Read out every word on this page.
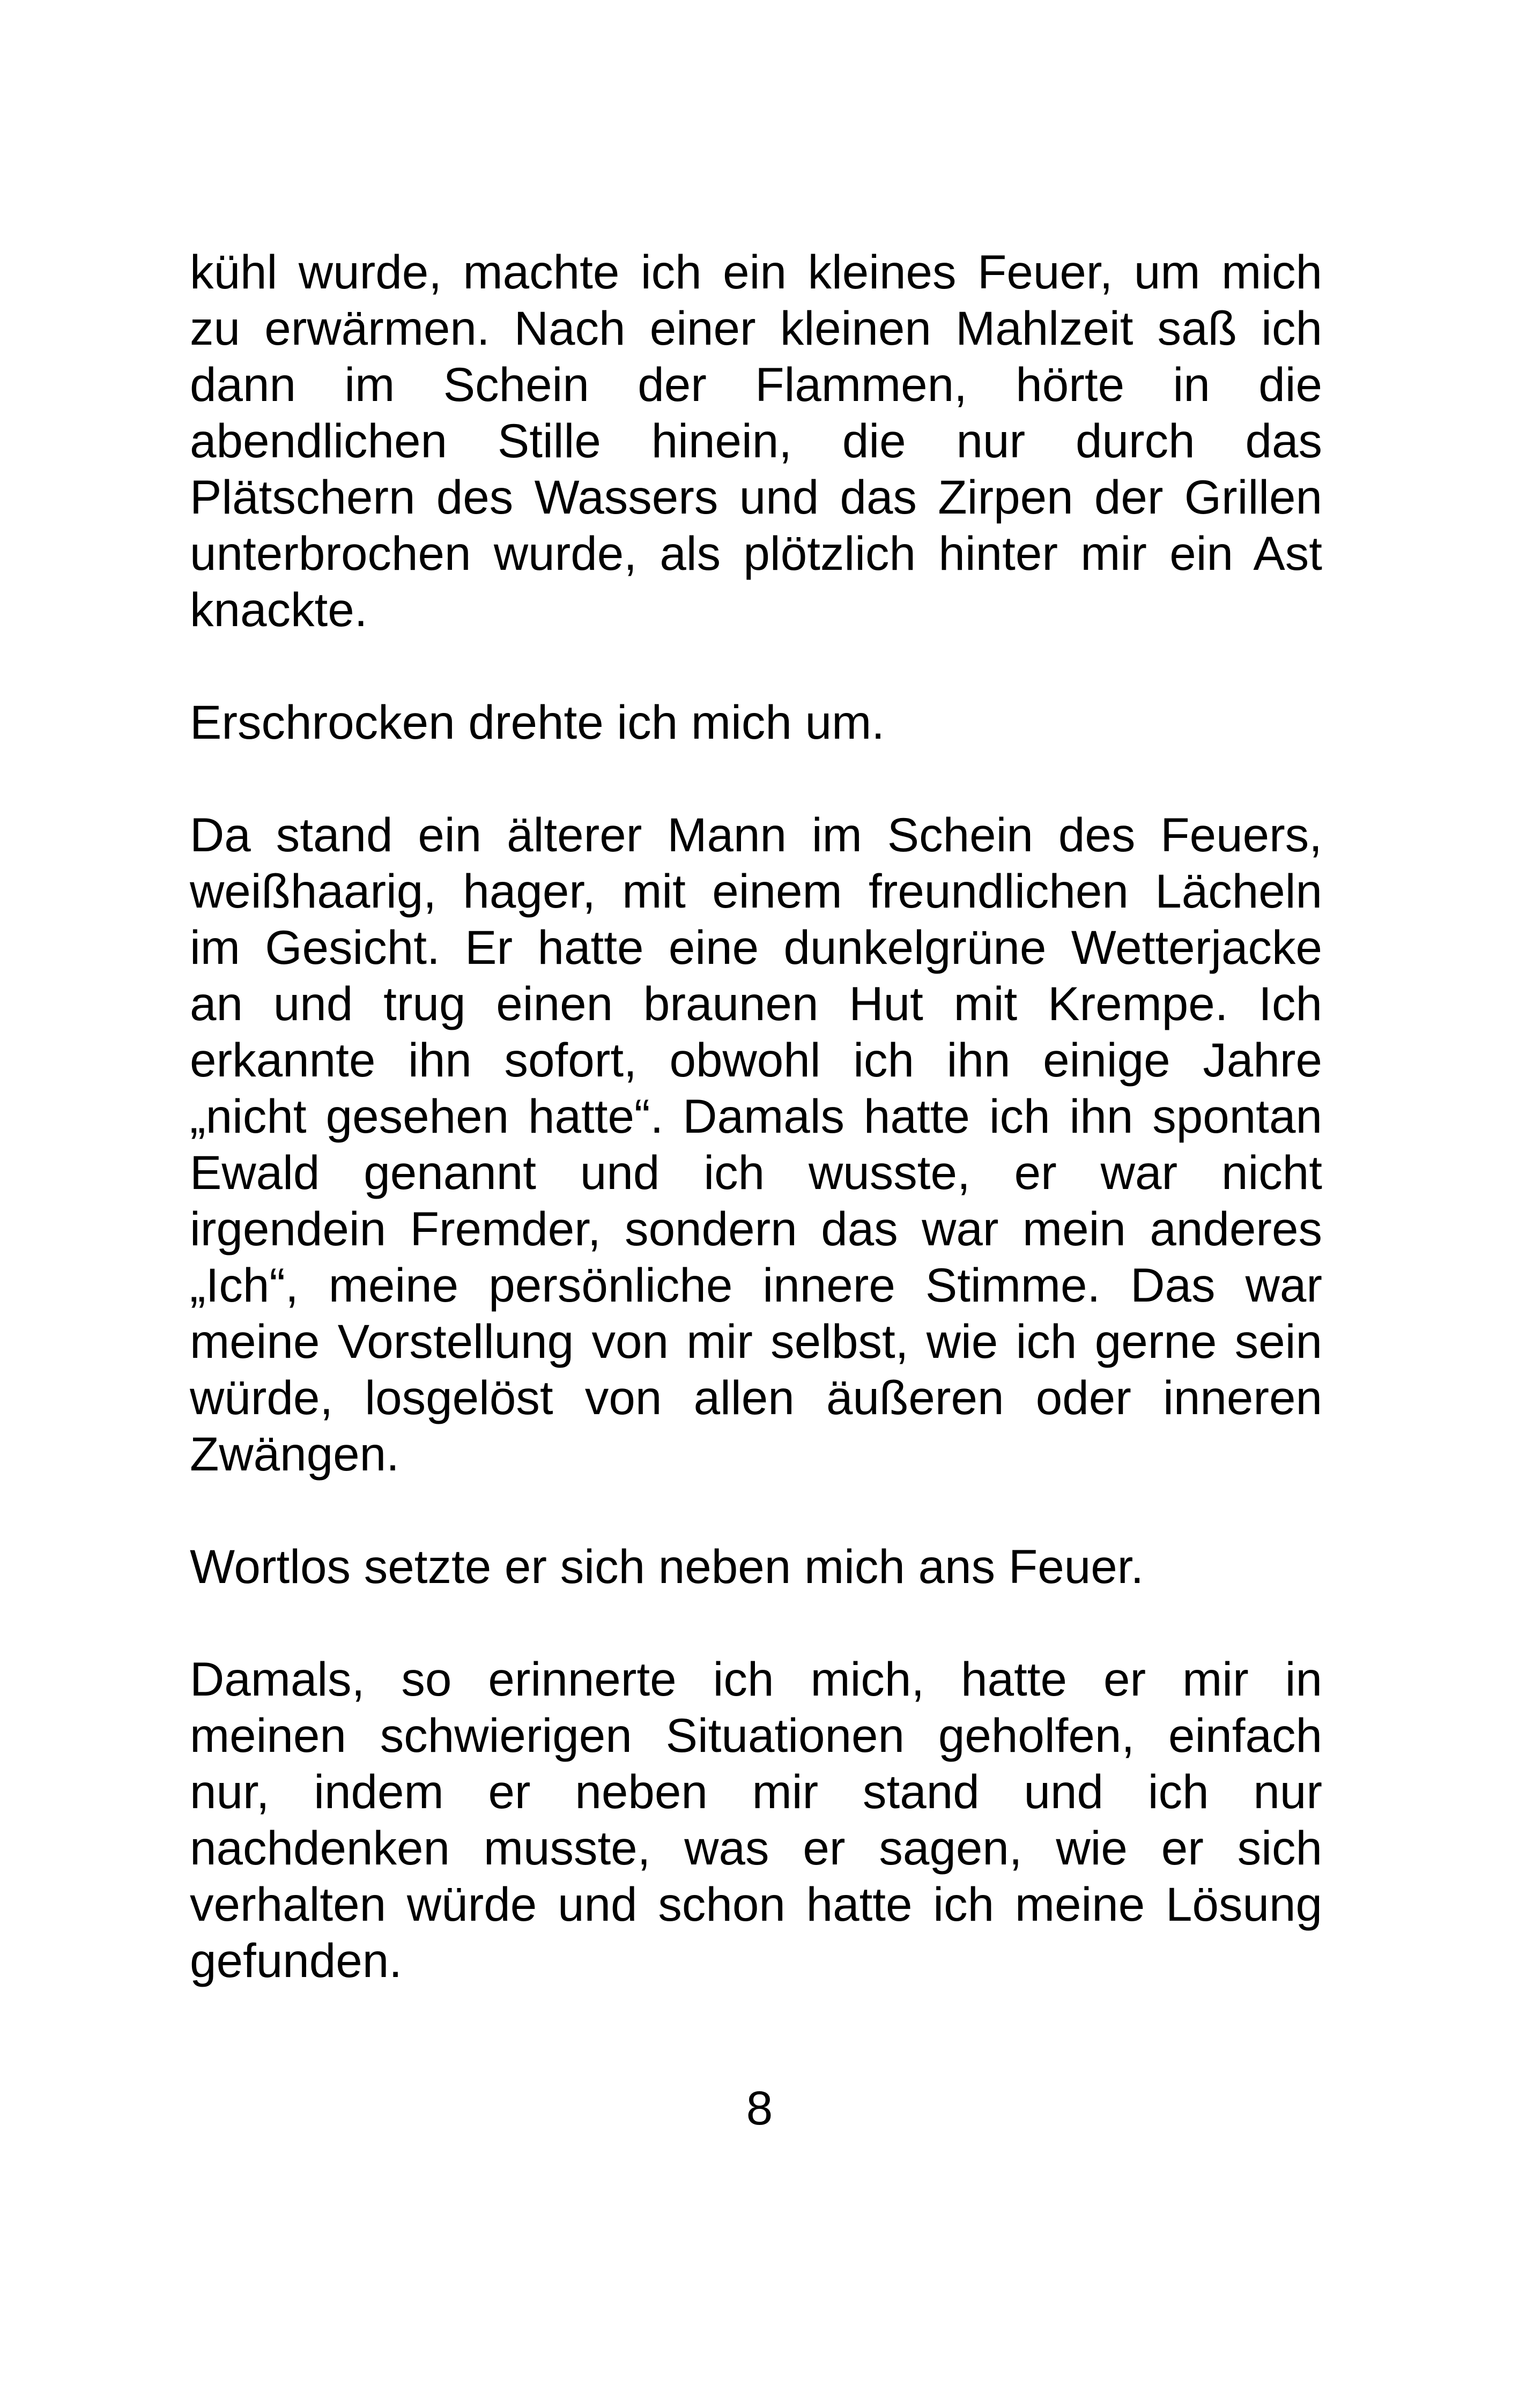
kühl wurde, machte ich ein kleines Feuer, um mich
zu erwärmen. Nach einer kleinen Mahlzeit saß ich
dann im Schein der Flammen, hörte in die
abendlichen Stille hinein, die nur durch das
Plätschern des Wassers und das Zirpen der Grillen
unterbrochen wurde, als plötzlich hinter mir ein Ast
knackte.
Erschrocken drehte ich mich um.
Da stand ein älterer Mann im Schein des Feuers,
weißhaarig, hager, mit einem freundlichen Lächeln
im Gesicht. Er hatte eine dunkelgrüne Wetterjacke
an und trug einen braunen Hut mit Krempe. Ich
erkannte ihn sofort, obwohl ich ihn einige Jahre
„nicht gesehen hatte“. Damals hatte ich ihn spontan
Ewald genannt und ich wusste, er war nicht
irgendein Fremder, sondern das war mein anderes
„Ich“, meine persönliche innere Stimme. Das war
meine Vorstellung von mir selbst, wie ich gerne sein
würde, losgelöst von allen äußeren oder inneren
Zwängen.
Wortlos setzte er sich neben mich ans Feuer.
Damals, so erinnerte ich mich, hatte er mir in
meinen schwierigen Situationen geholfen, einfach
nur, indem er neben mir stand und ich nur
nachdenken musste, was er sagen, wie er sich
verhalten würde und schon hatte ich meine Lösung
gefunden.
8
